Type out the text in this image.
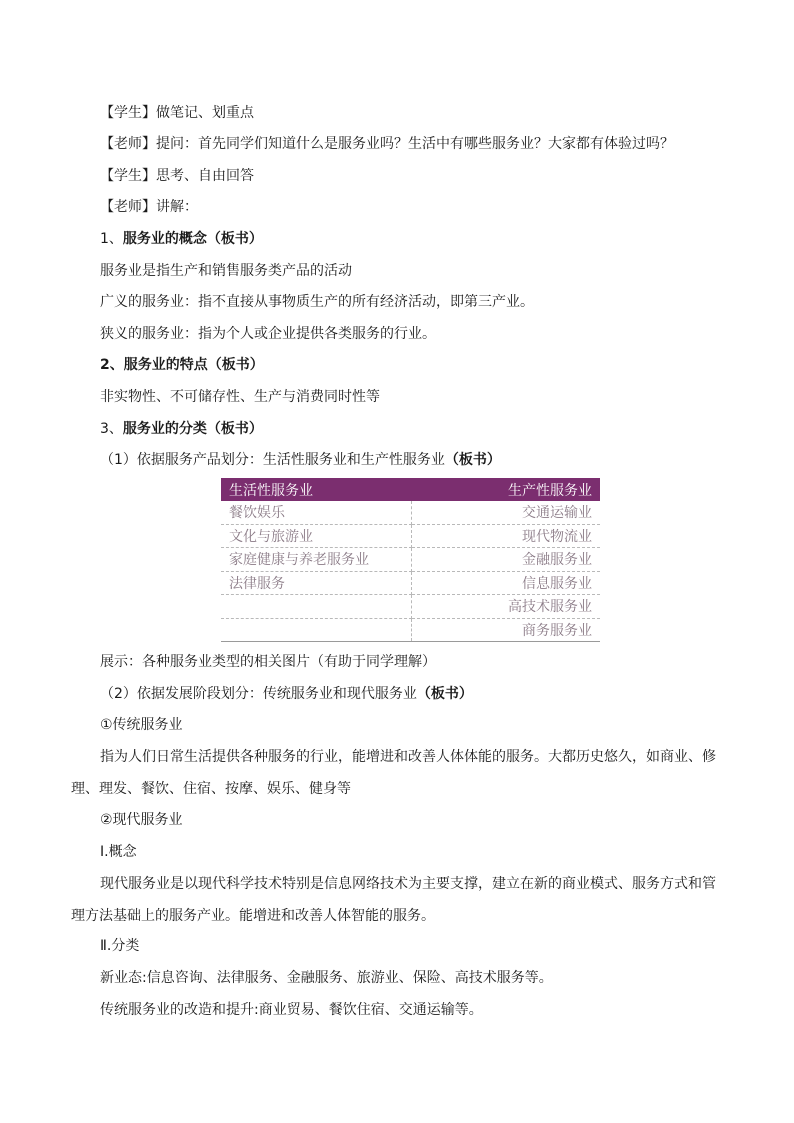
【学生】做笔记、划重点
【老师】提问：首先同学们知道什么是服务业吗？生活中有哪些服务业？大家都有体验过吗？
【学生】思考、自由回答
【老师】讲解：
1、服务业的概念（板书）
服务业是指生产和销售服务类产品的活动
广义的服务业：指不直接从事物质生产的所有经济活动，即第三产业。
狭义的服务业：指为个人或企业提供各类服务的行业。
2、服务业的特点（板书）
非实物性、不可储存性、生产与消费同时性等
3、服务业的分类（板书）
（1）依据服务产品划分：生活性服务业和生产性服务业（板书）
生活性服务业	生产性服务业
餐饮娱乐	交通运输业
文化与旅游业	现代物流业
家庭健康与养老服务业	金融服务业
法律服务	信息服务业
	高技术服务业
	商务服务业
展示：各种服务业类型的相关图片（有助于同学理解）
（2）依据发展阶段划分：传统服务业和现代服务业（板书）
①传统服务业
指为人们日常生活提供各种服务的行业，能增进和改善人体体能的服务。大都历史悠久，如商业、修理、理发、餐饮、住宿、按摩、娱乐、健身等
②现代服务业
Ⅰ.概念
现代服务业是以现代科学技术特别是信息网络技术为主要支撑，建立在新的商业模式、服务方式和管理方法基础上的服务产业。能增进和改善人体智能的服务。
Ⅱ.分类
新业态:信息咨询、法律服务、金融服务、旅游业、保险、高技术服务等。
传统服务业的改造和提升:商业贸易、餐饮住宿、交通运输等。
